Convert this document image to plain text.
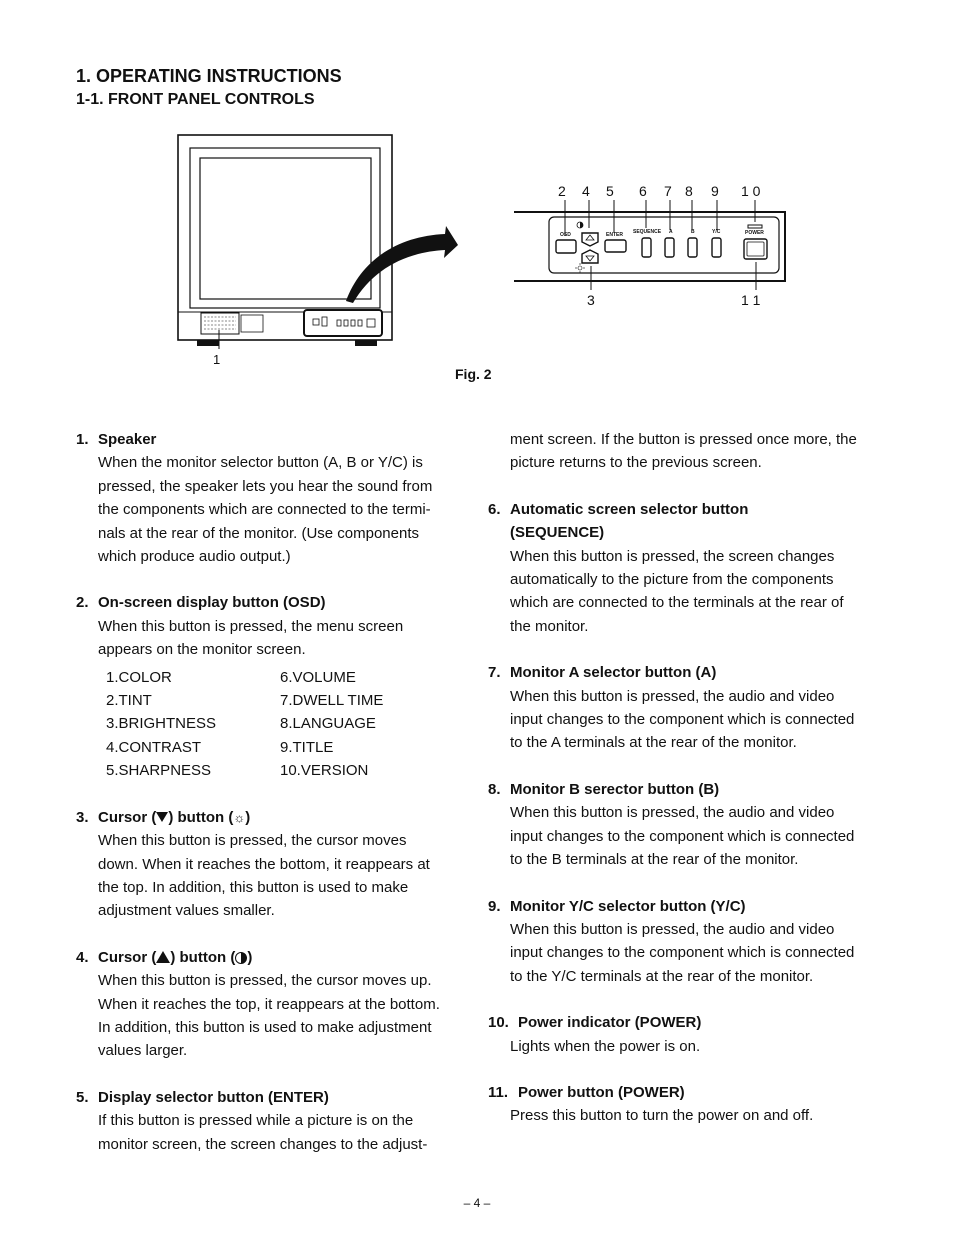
1. OPERATING INSTRUCTIONS
1-1. FRONT PANEL CONTROLS
1
2 4 5 6 7 8 9 1 0
3	1 1
OSD	ENTER SEQUENCE A	B	Y/C	POWER
Fig. 2
1. Speaker

When the monitor selector button (A, B or Y/C) is

pressed, the speaker lets you hear the sound from

the components which are connected to the termi-

nals at the rear of the monitor. (Use components

which produce audio output.)

2. On-screen display button (OSD)

When this button is pressed, the menu screen

appears on the monitor screen.

1.COLOR	6.VOLUME
2.TINT	7.DWELL TIME
3.BRIGHTNESS	8.LANGUAGE
4.CONTRAST	9.TITLE
5.SHARPNESS	10.VERSION
3. Cursor ( ) button (☼)

When this button is pressed, the cursor moves

down. When it reaches the bottom, it reappears at

the top. In addition, this button is used to make

adjustment values smaller.

4. Cursor ( ) button ( )

When this button is pressed, the cursor moves up.

When it reaches the top, it reappears at the bottom.

In addition, this button is used to make adjustment

values larger.

5. Display selector button (ENTER)

If this button is pressed while a picture is on the

monitor screen, the screen changes to the adjust-

ment screen. If the button is pressed once more, the

picture returns to the previous screen.

6. Automatic screen selector button
(SEQUENCE)

When this button is pressed, the screen changes

automatically to the picture from the components

which are connected to the terminals at the rear of

the monitor.

7. Monitor A selector button (A)

When this button is pressed, the audio and video

input changes to the component which is connected

to the A terminals at the rear of the monitor.

8. Monitor B serector button (B)

When this button is pressed, the audio and video

input changes to the component which is connected

to the B terminals at the rear of the monitor.

9. Monitor Y/C selector button (Y/C)

When this button is pressed, the audio and video

input changes to the component which is connected

to the Y/C terminals at the rear of the monitor.

10. Power indicator (POWER)

Lights when the power is on.

11. Power button (POWER)

Press this button to turn the power on and off.

– 4 –
